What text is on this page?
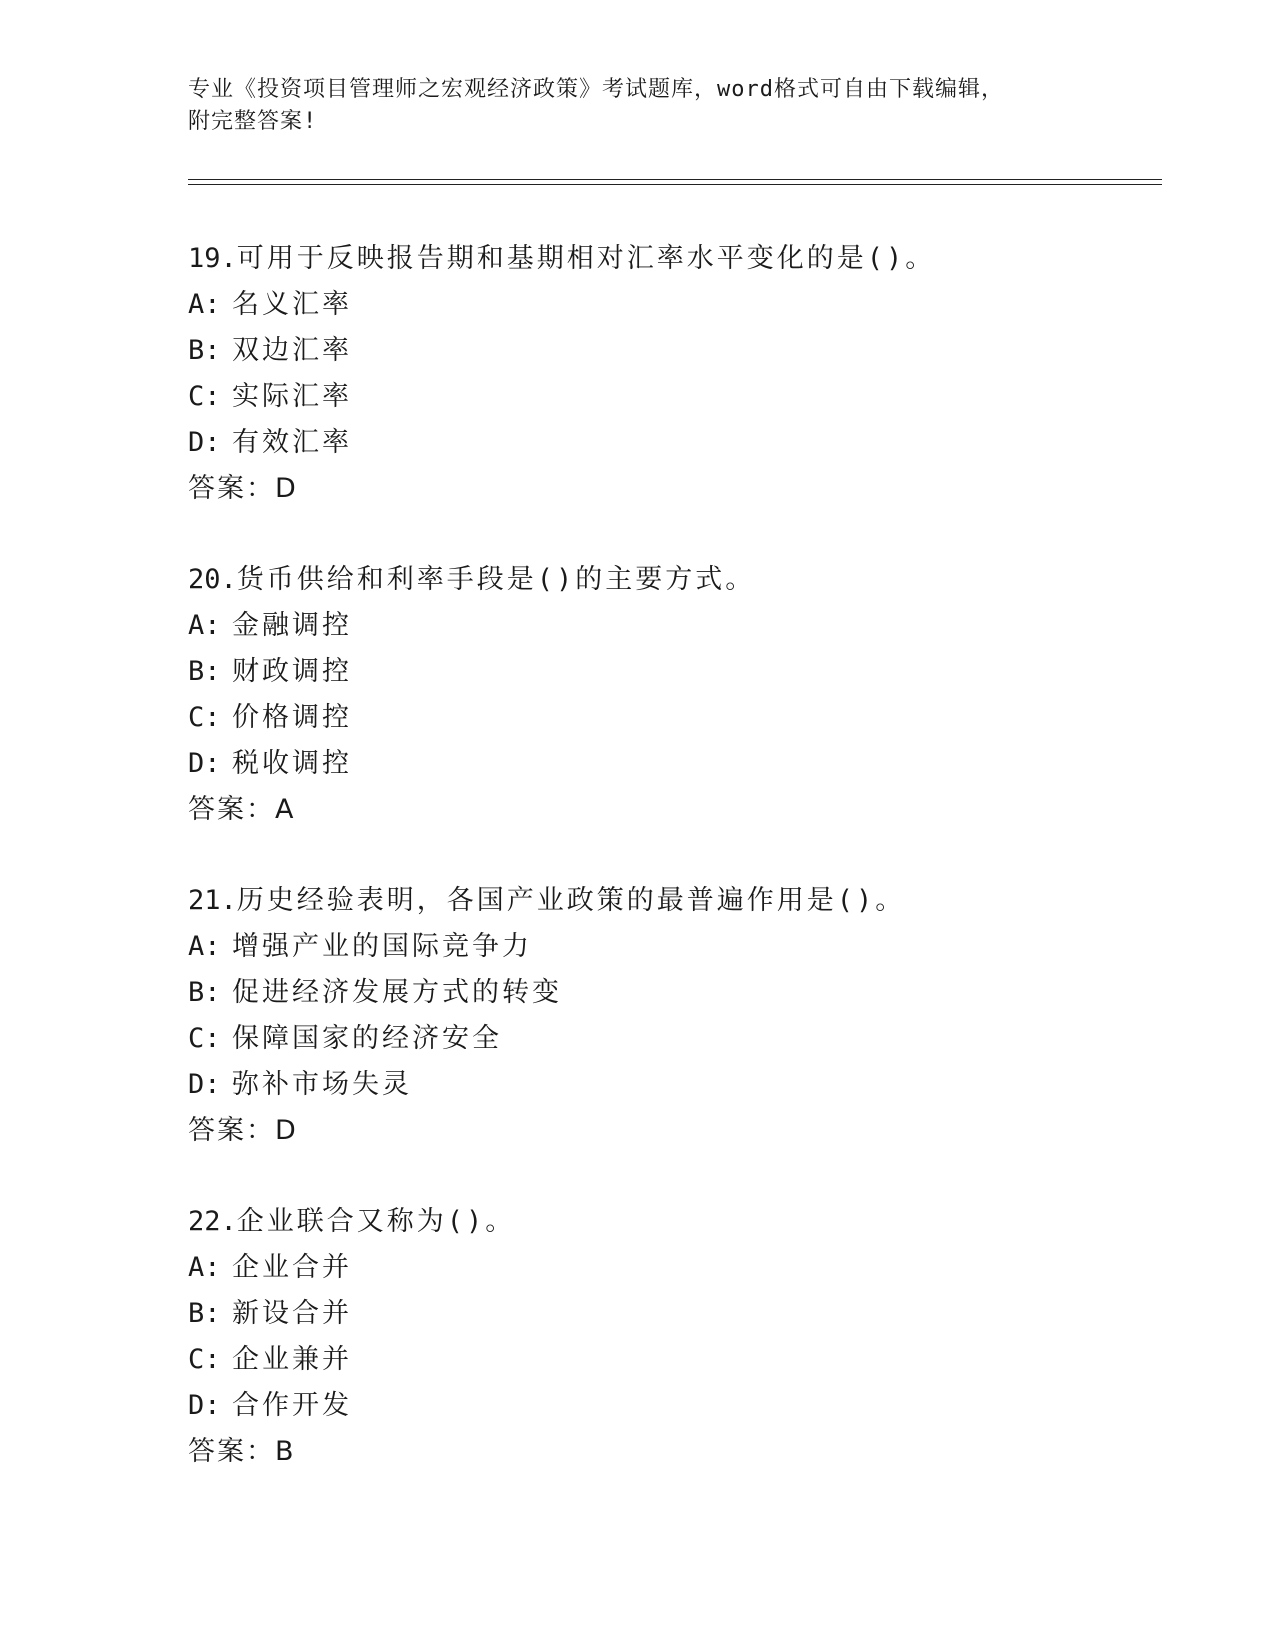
专业《投资项目管理师之宏观经济政策》考试题库，word格式可自由下载编辑，
附完整答案!
19.可用于反映报告期和基期相对汇率水平变化的是()。
A: 名义汇率
B: 双边汇率
C: 实际汇率
D: 有效汇率
答案：D
20.货币供给和利率手段是()的主要方式。
A: 金融调控
B: 财政调控
C: 价格调控
D: 税收调控
答案：A
21.历史经验表明，各国产业政策的最普遍作用是()。
A: 增强产业的国际竞争力
B: 促进经济发展方式的转变
C: 保障国家的经济安全
D: 弥补市场失灵
答案：D
22.企业联合又称为()。
A: 企业合并
B: 新设合并
C: 企业兼并
D: 合作开发
答案：B
